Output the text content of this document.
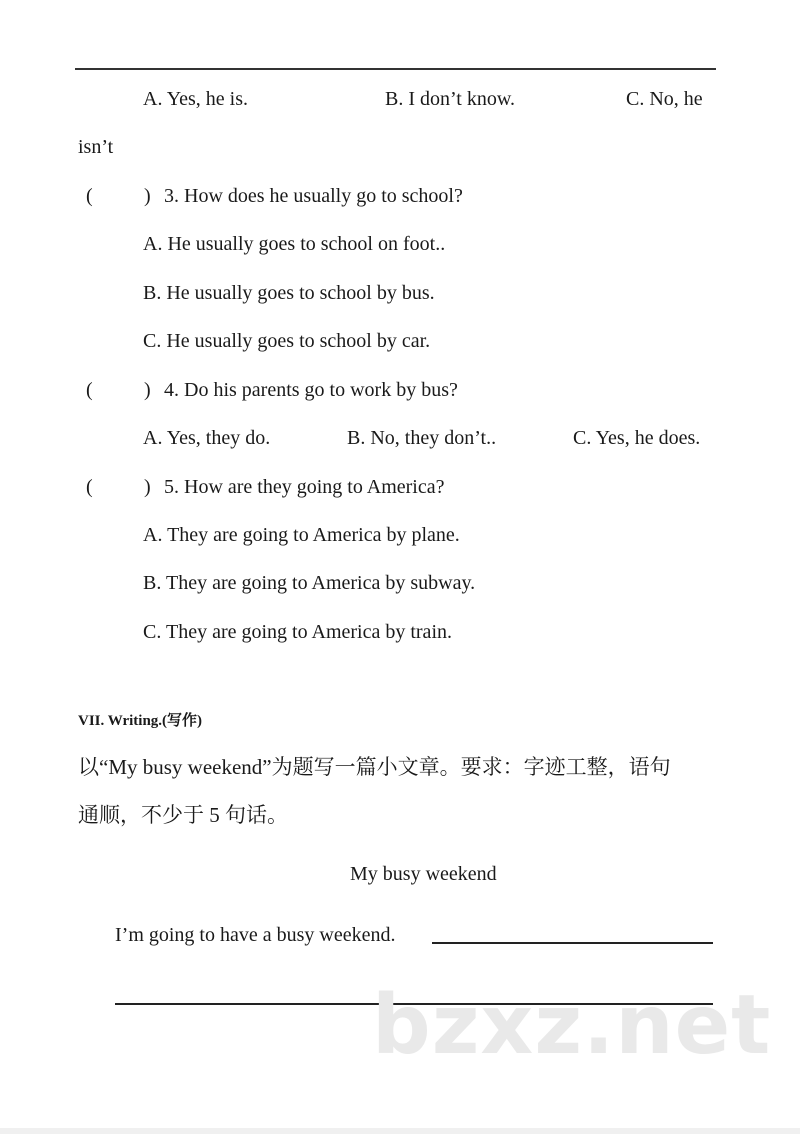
A. Yes, he is.	B. I don’t know.	C. No, he
isn’t
(	) 3. How does he usually go to school?
A. He usually goes to school on foot..
B. He usually goes to school by bus.
C. He usually goes to school by car.
(	) 4. Do his parents go to work by bus?
A. Yes, they do.	B. No, they don’t..	C. Yes, he does.
(	) 5. How are they going to America?
A. They are going to America by plane.
B. They are going to America by subway.
C. They are going to America by train.
VII. Writing.(写作)
以“My busy weekend”为题写一篇小文章。要求：字迹工整，语句
通顺，不少于 5 句话。
My busy weekend
I’m going to have a busy weekend.
bzxz.net
